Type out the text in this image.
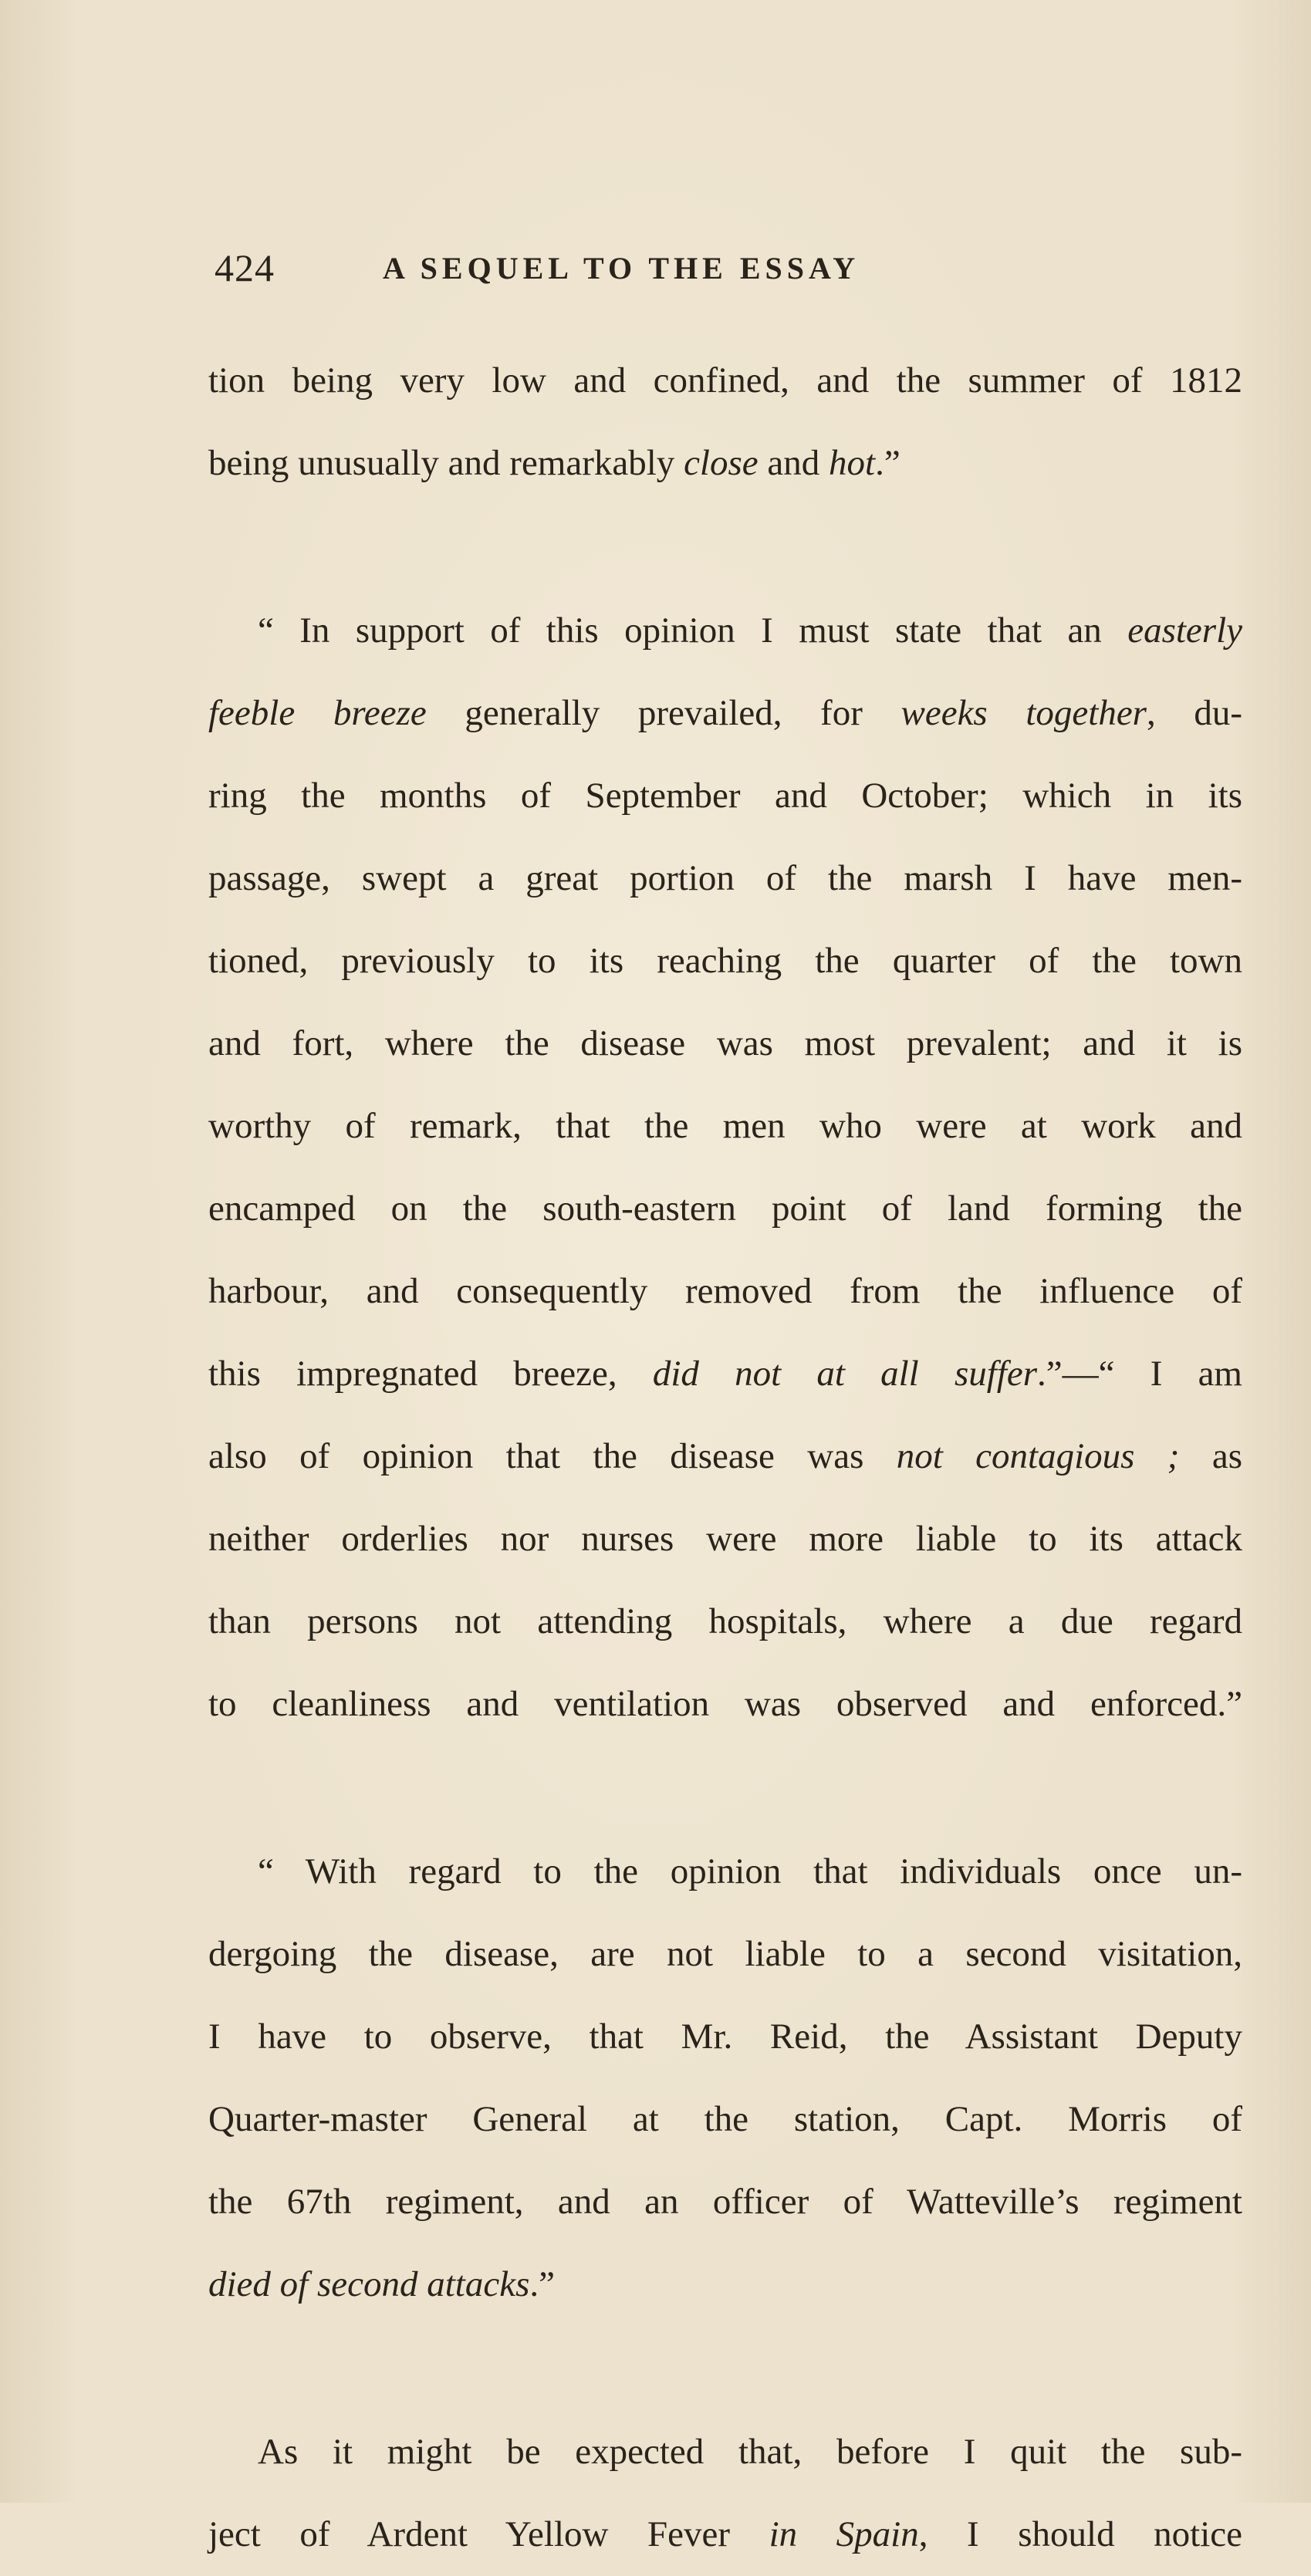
424	A SEQUEL TO THE ESSAY
tion being very low and confined, and the summer of 1812
being unusually and remarkably close and hot.”
“ In support of this opinion I must state that an easterly
feeble breeze generally prevailed, for weeks together, du-
ring the months of September and October; which in its
passage, swept a great portion of the marsh I have men-
tioned, previously to its reaching the quarter of the town
and fort, where the disease was most prevalent; and it is
worthy of remark, that the men who were at work and
encamped on the south-eastern point of land forming the
harbour, and consequently removed from the influence of
this impregnated breeze, did not at all suffer.”—“ I am
also of opinion that the disease was not contagious ; as
neither orderlies nor nurses were more liable to its attack
than persons not attending hospitals, where a due regard
to cleanliness and ventilation was observed and enforced.”
“ With regard to the opinion that individuals once un-
dergoing the disease, are not liable to a second visitation,
I have to observe, that Mr. Reid, the Assistant Deputy
Quarter-master General at the station, Capt. Morris of
the 67th regiment, and an officer of Watteville’s regiment
died of second attacks.”
As it might be expected that, before I quit the sub-
ject of Ardent Yellow Fever in Spain, I should notice
